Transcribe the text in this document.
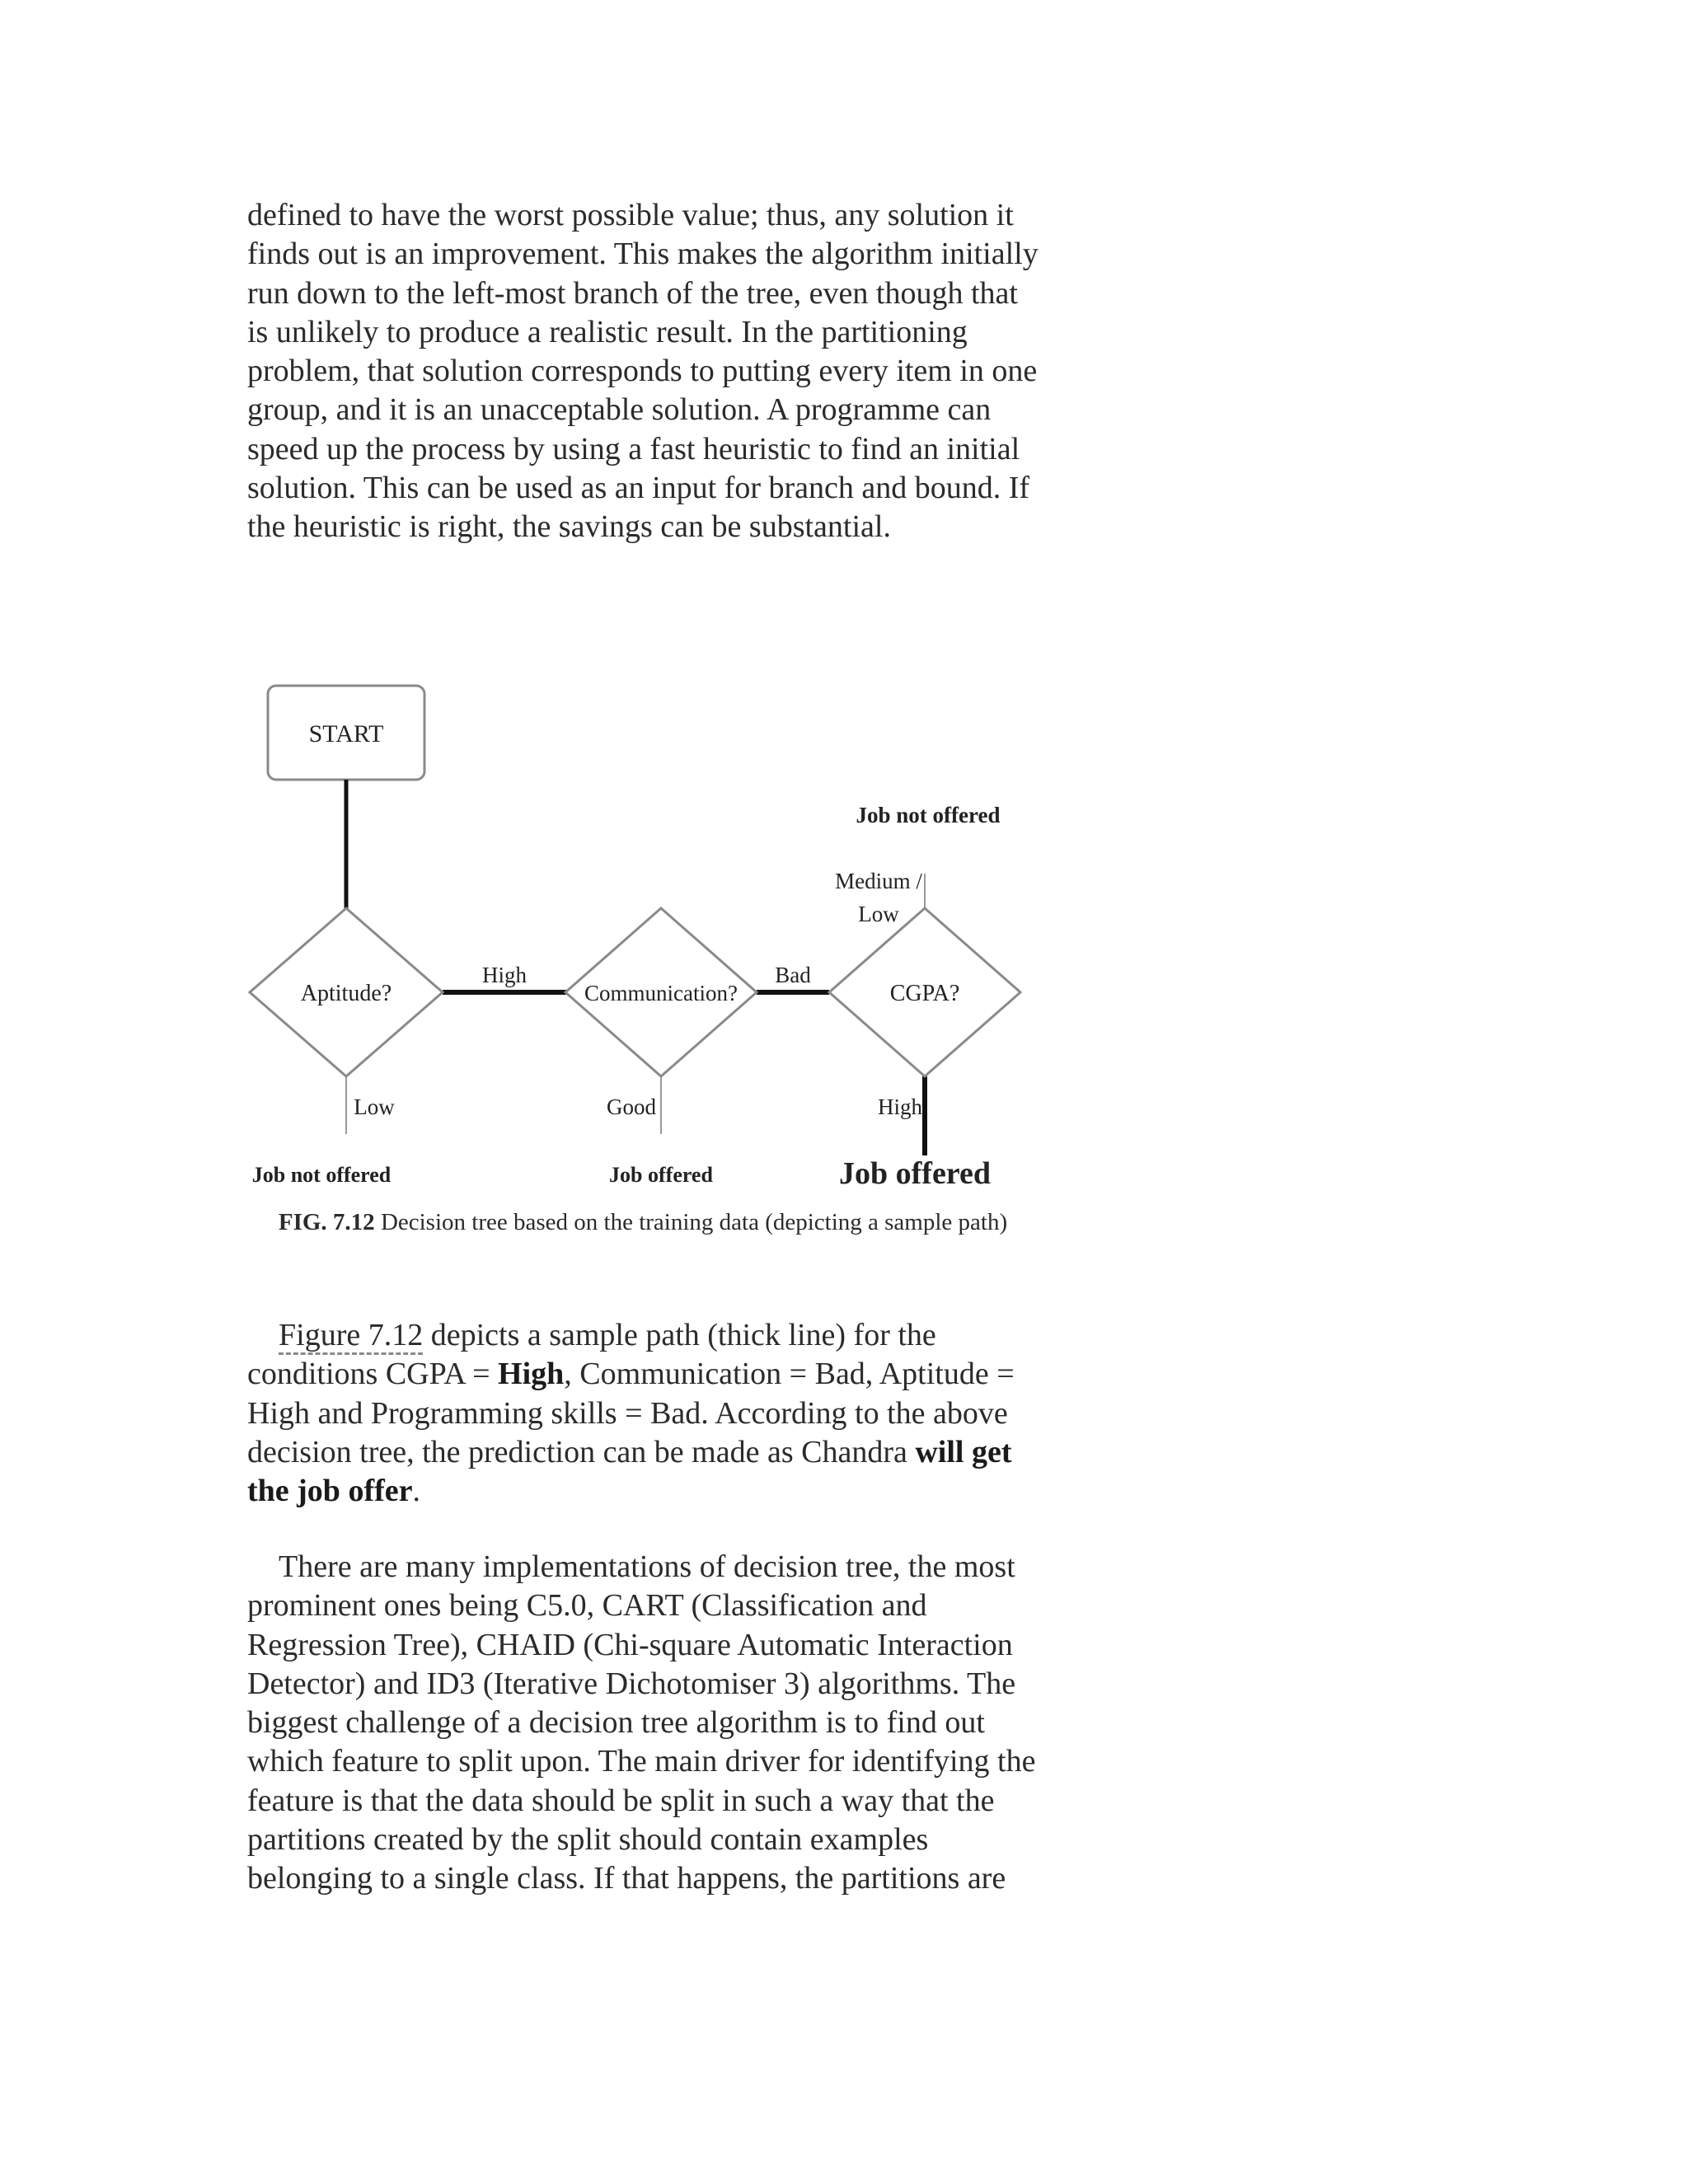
defined to have the worst possible value; thus, any solution it finds out is an improvement. This makes the algorithm initially run down to the left-most branch of the tree, even though that is unlikely to produce a realistic result. In the partitioning problem, that solution corresponds to putting every item in one group, and it is an unacceptable solution. A programme can speed up the process by using a fast heuristic to find an initial solution. This can be used as an input for branch and bound. If the heuristic is right, the savings can be substantial.
START
Aptitude?	Communication?	CGPA?
High	Bad
Low	Good
Medium /
Low
High
Job not offered
Job not offered	Job offered	Job offered
FIG. 7.12 Decision tree based on the training data (depicting a sample path)
Figure 7.12 depicts a sample path (thick line) for the conditions CGPA = High, Communication = Bad, Aptitude = High and Programming skills = Bad. According to the above decision tree, the prediction can be made as Chandra will get the job offer.
There are many implementations of decision tree, the most prominent ones being C5.0, CART (Classification and Regression Tree), CHAID (Chi-square Automatic Interaction Detector) and ID3 (Iterative Dichotomiser 3) algorithms. The biggest challenge of a decision tree algorithm is to find out which feature to split upon. The main driver for identifying the feature is that the data should be split in such a way that the partitions created by the split should contain examples belonging to a single class. If that happens, the partitions are
